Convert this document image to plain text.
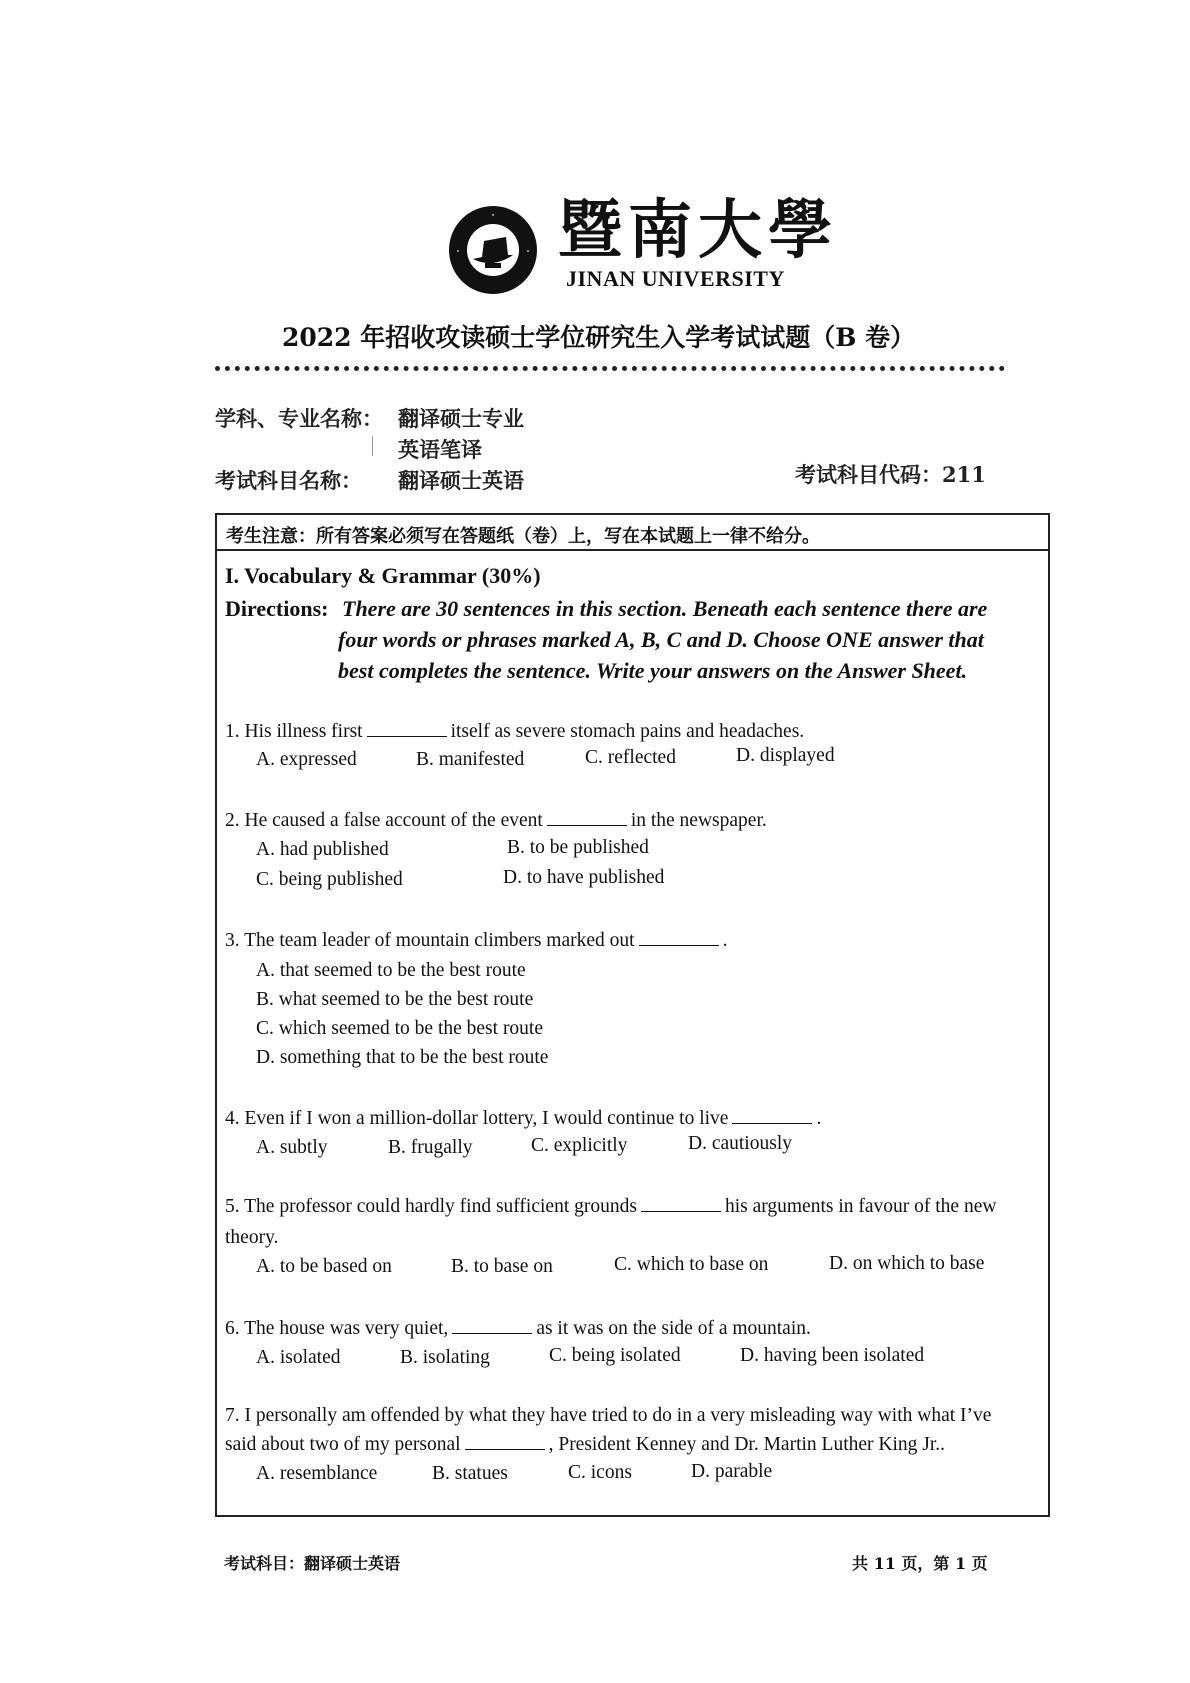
暨南大學
JINAN UNIVERSITY
2022 年招收攻读硕士学位研究生入学考试试题（B 卷）
学科、专业名称： 翻译硕士专业
英语笔译
考试科目名称： 翻译硕士英语	考试科目代码：211
考生注意：所有答案必须写在答题纸（卷）上，写在本试题上一律不给分。
I. Vocabulary & Grammar (30%)
Directions: There are 30 sentences in this section. Beneath each sentence there are
four words or phrases marked A, B, C and D. Choose ONE answer that
best completes the sentence. Write your answers on the Answer Sheet.
1. His illness first	itself as severe stomach pains and headaches.
A. expressed	B. manifested	C. reflected	D. displayed
2. He caused a false account of the event	in the newspaper.
A. had published	B. to be published
C. being published	D. to have published
3. The team leader of mountain climbers marked out	.
A. that seemed to be the best route
B. what seemed to be the best route
C. which seemed to be the best route
D. something that to be the best route
4. Even if I won a million-dollar lottery, I would continue to live	.
A. subtly	B. frugally	C. explicitly	D. cautiously
5. The professor could hardly find sufficient grounds	his arguments in favour of the new
theory.
A. to be based on	B. to base on	C. which to base on	D. on which to base
6. The house was very quiet,	as it was on the side of a mountain.
A. isolated	B. isolating	C. being isolated	D. having been isolated
7. I personally am offended by what they have tried to do in a very misleading way with what I’ve
said about two of my personal	, President Kenney and Dr. Martin Luther King Jr..
A. resemblance	B. statues	C. icons	D. parable
考试科目：翻译硕士英语	共 11 页，第 1 页
